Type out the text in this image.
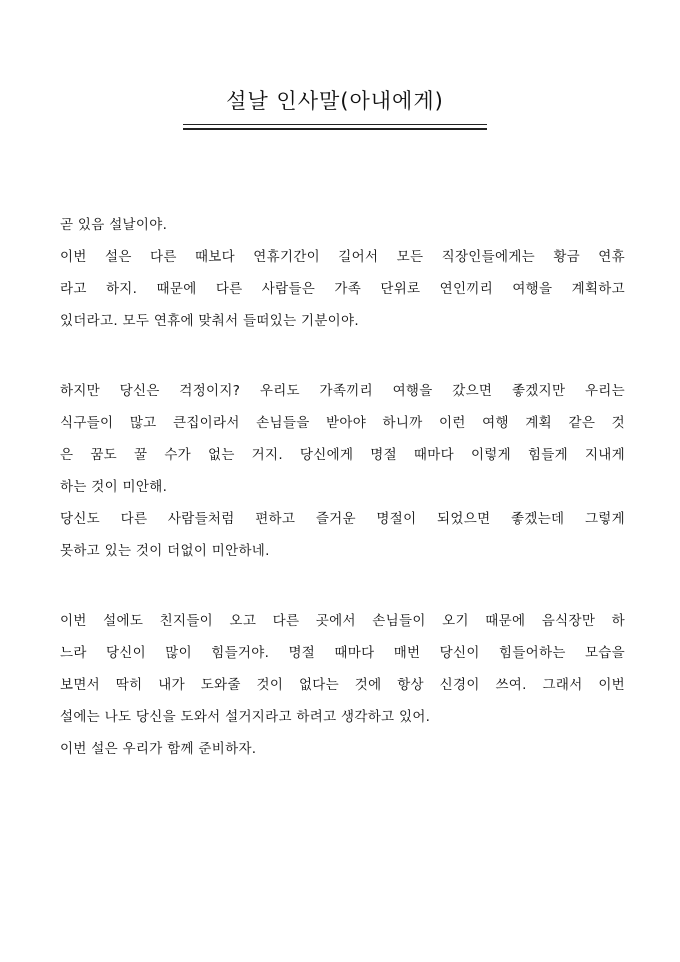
설날 인사말(아내에게)
곧 있음 설날이야.
이번 설은 다른 때보다 연휴기간이 길어서 모든 직장인들에게는 황금 연휴
라고 하지. 때문에 다른 사람들은 가족 단위로 연인끼리 여행을 계획하고
있더라고. 모두 연휴에 맞춰서 들떠있는 기분이야.
하지만 당신은 걱정이지? 우리도 가족끼리 여행을 갔으면 좋겠지만 우리는
식구들이 많고 큰집이라서 손님들을 받아야 하니까 이런 여행 계획 같은 것
은 꿈도 꿀 수가 없는 거지. 당신에게 명절 때마다 이렇게 힘들게 지내게
하는 것이 미안해.
당신도 다른 사람들처럼 편하고 즐거운 명절이 되었으면 좋겠는데 그렇게
못하고 있는 것이 더없이 미안하네.
이번 설에도 친지들이 오고 다른 곳에서 손님들이 오기 때문에 음식장만 하
느라 당신이 많이 힘들거야. 명절 때마다 매번 당신이 힘들어하는 모습을
보면서 딱히 내가 도와줄 것이 없다는 것에 항상 신경이 쓰여. 그래서 이번
설에는 나도 당신을 도와서 설거지라고 하려고 생각하고 있어.
이번 설은 우리가 함께 준비하자.
